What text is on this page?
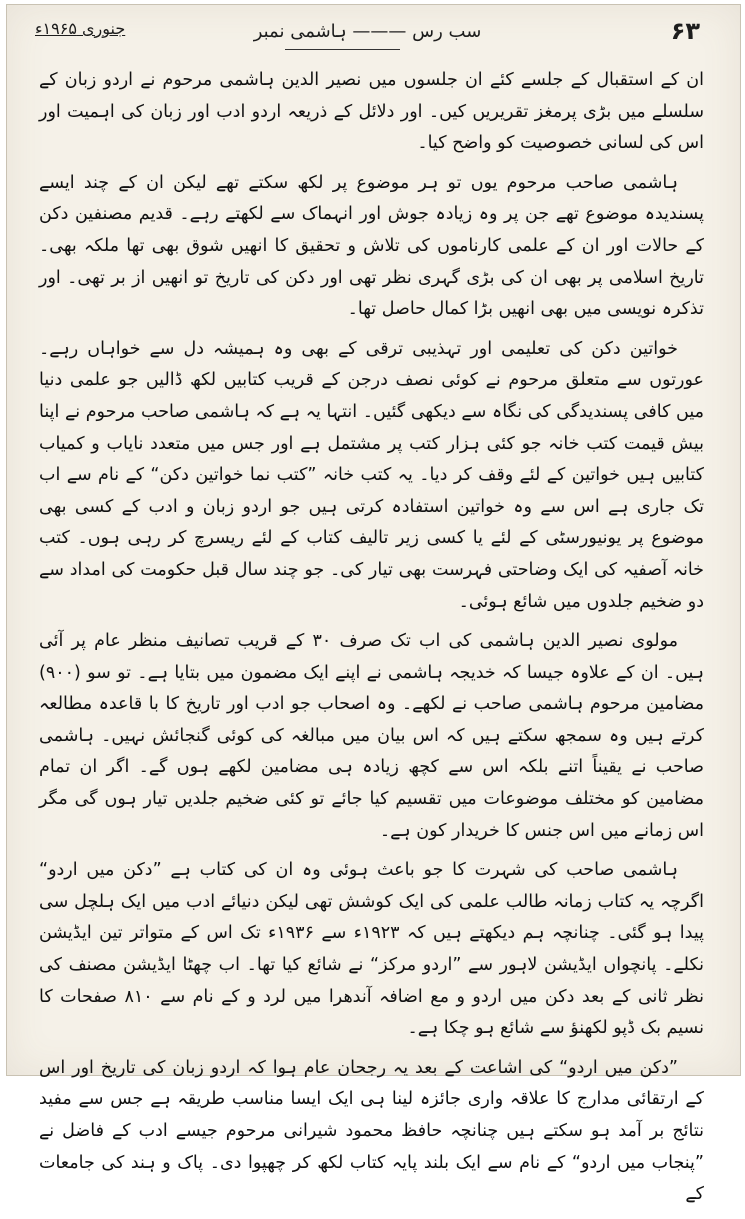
۶۳
سب رس ——— ہاشمی نمبر
جنوری ۱۹۶۵ء

ان کے استقبال کے جلسے کئے ان جلسوں میں نصیر الدین ہاشمی مرحوم نے اردو زبان کے سلسلے میں بڑی پرمغز تقریریں کیں۔ اور دلائل کے ذریعہ اردو ادب اور زبان کی اہمیت اور اس کی لسانی خصوصیت کو واضح کیا۔

ہاشمی صاحب مرحوم یوں تو ہر موضوع پر لکھ سکتے تھے لیکن ان کے چند ایسے پسندیدہ موضوع تھے جن پر وہ زیادہ جوش اور انہماک سے لکھتے رہے۔ قدیم مصنفین دکن کے حالات اور ان کے علمی کارناموں کی تلاش و تحقیق کا انھیں شوق بھی تھا ملکہ بھی۔ تاریخ اسلامی پر بھی ان کی بڑی گہری نظر تھی اور دکن کی تاریخ تو انھیں از بر تھی۔ اور تذکرہ نویسی میں بھی انھیں بڑا کمال حاصل تھا۔

خواتین دکن کی تعلیمی اور تہذیبی ترقی کے بھی وہ ہمیشہ دل سے خواہاں رہے۔ عورتوں سے متعلق مرحوم نے کوئی نصف درجن کے قریب کتابیں لکھ ڈالیں جو علمی دنیا میں کافی پسندیدگی کی نگاہ سے دیکھی گئیں۔ انتہا یہ ہے کہ ہاشمی صاحب مرحوم نے اپنا بیش قیمت کتب خانہ جو کئی ہزار کتب پر مشتمل ہے اور جس میں متعدد نایاب و کمیاب کتابیں ہیں خواتین کے لئے وقف کر دیا۔ یہ کتب خانہ ”کتب نما خواتین دکن“ کے نام سے اب تک جاری ہے اس سے وہ خواتین استفادہ کرتی ہیں جو اردو زبان و ادب کے کسی بھی موضوع پر یونیورسٹی کے لئے یا کسی زیر تالیف کتاب کے لئے ریسرچ کر رہی ہوں۔ کتب خانہ آصفیہ کی ایک وضاحتی فہرست بھی تیار کی۔ جو چند سال قبل حکومت کی امداد سے دو ضخیم جلدوں میں شائع ہوئی۔

مولوی نصیر الدین ہاشمی کی اب تک صرف ۳۰ کے قریب تصانیف منظر عام پر آئی ہیں۔ ان کے علاوہ جیسا کہ خدیجہ ہاشمی نے اپنے ایک مضمون میں بتایا ہے۔ تو سو (۹۰۰) مضامین مرحوم ہاشمی صاحب نے لکھے۔ وہ اصحاب جو ادب اور تاریخ کا با قاعدہ مطالعہ کرتے ہیں وہ سمجھ سکتے ہیں کہ اس بیان میں مبالغہ کی کوئی گنجائش نہیں۔ ہاشمی صاحب نے یقیناً اتنے بلکہ اس سے کچھ زیادہ ہی مضامین لکھے ہوں گے۔ اگر ان تمام مضامین کو مختلف موضوعات میں تقسیم کیا جائے تو کئی ضخیم جلدیں تیار ہوں گی مگر اس زمانے میں اس جنس کا خریدار کون ہے۔

ہاشمی صاحب کی شہرت کا جو باعث ہوئی وہ ان کی کتاب ہے ”دکن میں اردو“ اگرچہ یہ کتاب زمانہ طالب علمی کی ایک کوشش تھی لیکن دنیائے ادب میں ایک ہلچل سی پیدا ہو گئی۔ چنانچہ ہم دیکھتے ہیں کہ ۱۹۲۳ء سے ۱۹۳۶ء تک اس کے متواتر تین ایڈیشن نکلے۔ پانچواں ایڈیشن لاہور سے ”اردو مرکز“ نے شائع کیا تھا۔ اب چھٹا ایڈیشن مصنف کی نظر ثانی کے بعد دکن میں اردو و مع اضافہ آندھرا میں لرد و کے نام سے ۸۱۰ صفحات کا نسیم بک ڈپو لکھنؤ سے شائع ہو چکا ہے۔

”دکن میں اردو“ کی اشاعت کے بعد یہ رجحان عام ہوا کہ اردو زبان کی تاریخ اور اس کے ارتقائی مدارج کا علاقہ واری جائزہ لینا ہی ایک ایسا مناسب طریقہ ہے جس سے مفید نتائج بر آمد ہو سکتے ہیں چنانچہ حافظ محمود شیرانی مرحوم جیسے ادب کے فاضل نے ”پنجاب میں اردو“ کے نام سے ایک بلند پایہ کتاب لکھ کر چھپوا دی۔ پاک و ہند کی جامعات کے
